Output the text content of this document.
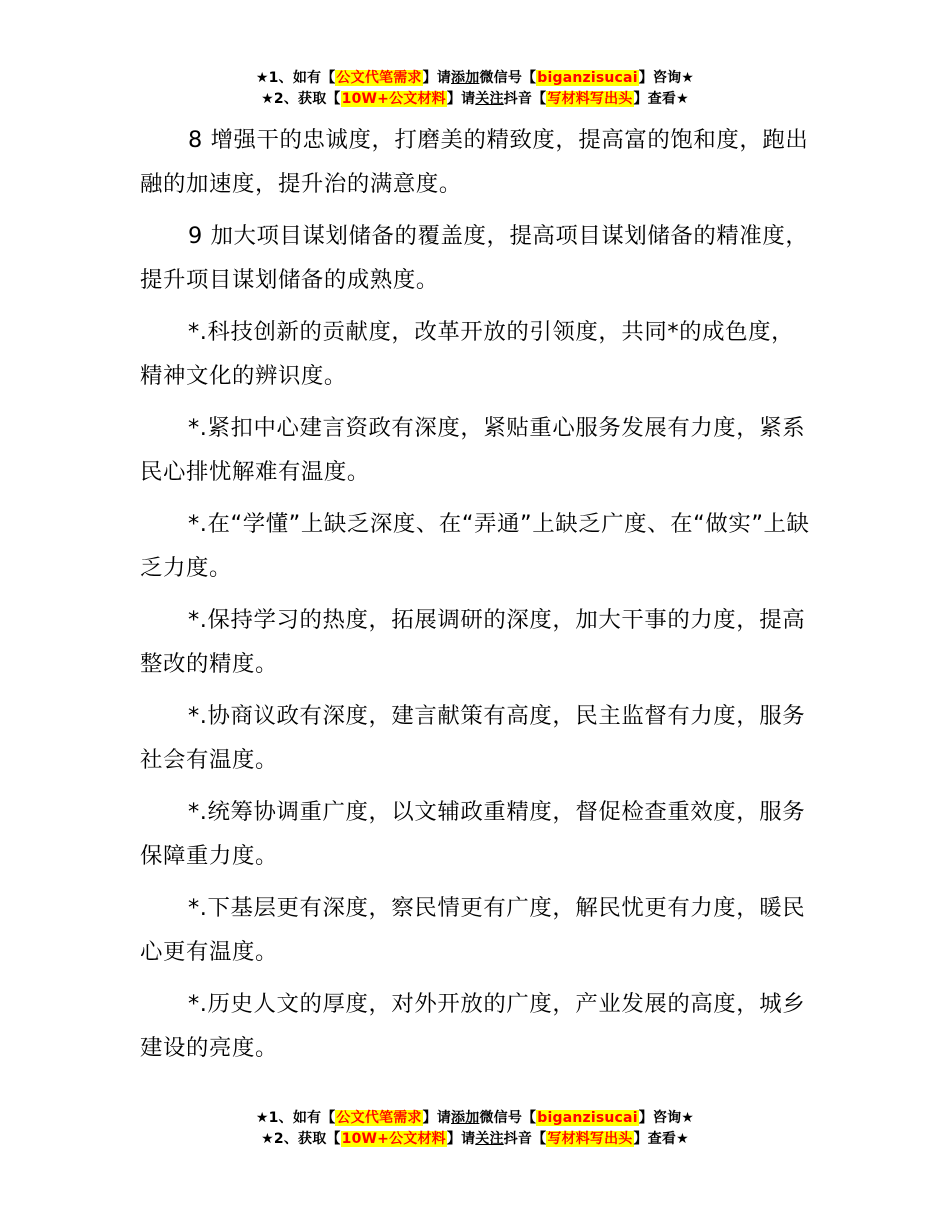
★1、如有【公文代笔需求】请添加微信号【biganzisucai】咨询★
★2、获取【10W+公文材料】请关注抖音【写材料写出头】查看★

8 增强干的忠诚度，打磨美的精致度，提高富的饱和度，跑出融的加速度，提升治的满意度。

9 加大项目谋划储备的覆盖度，提高项目谋划储备的精准度，提升项目谋划储备的成熟度。

*.科技创新的贡献度，改革开放的引领度，共同*的成色度，精神文化的辨识度。

*.紧扣中心建言资政有深度，紧贴重心服务发展有力度，紧系民心排忧解难有温度。

*.在“学懂”上缺乏深度、在“弄通”上缺乏广度、在“做实”上缺乏力度。

*.保持学习的热度，拓展调研的深度，加大干事的力度，提高整改的精度。

*.协商议政有深度，建言献策有高度，民主监督有力度，服务社会有温度。

*.统筹协调重广度，以文辅政重精度，督促检查重效度，服务保障重力度。

*.下基层更有深度，察民情更有广度，解民忧更有力度，暖民心更有温度。

*.历史人文的厚度，对外开放的广度，产业发展的高度，城乡建设的亮度。

★1、如有【公文代笔需求】请添加微信号【biganzisucai】咨询★
★2、获取【10W+公文材料】请关注抖音【写材料写出头】查看★
